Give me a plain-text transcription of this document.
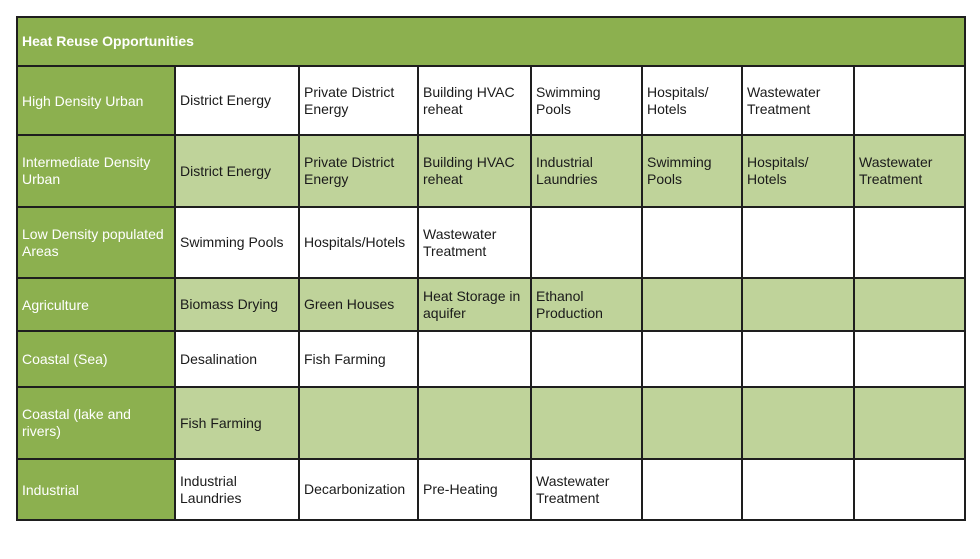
Heat Reuse Opportunities							
High Density Urban	District Energy	Private District Energy	Building HVAC reheat	Swimming Pools	Hospitals/ Hotels	Wastewater Treatment	
Intermediate Density Urban	District Energy	Private District Energy	Building HVAC reheat	Industrial Laundries	Swimming Pools	Hospitals/ Hotels	Wastewater Treatment
Low Density populated Areas	Swimming Pools	Hospitals/Hotels	Wastewater Treatment				
Agriculture	Biomass Drying	Green Houses	Heat Storage in aquifer	Ethanol Production			
Coastal (Sea)	Desalination	Fish Farming					
Coastal (lake and rivers)	Fish Farming						
Industrial	Industrial Laundries	Decarbonization	Pre-Heating	Wastewater Treatment			
